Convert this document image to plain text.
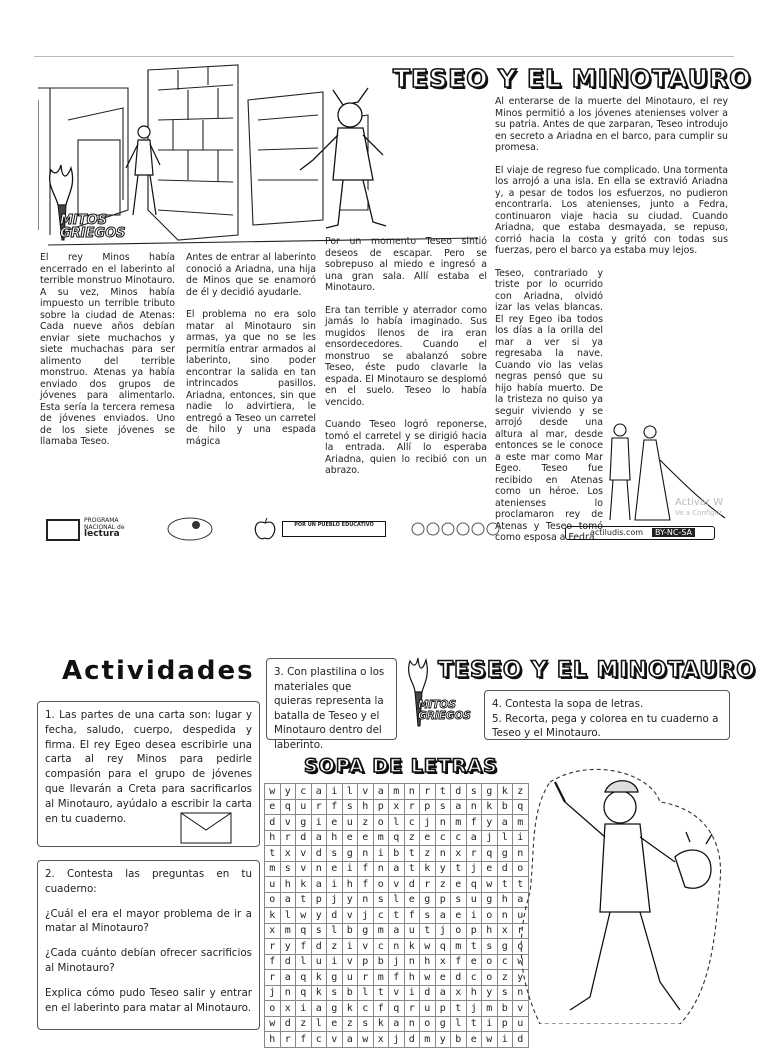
MITOS GRIEGOS
TESEO Y EL MINOTAURO

El rey Minos había encerrado en el laberinto al terrible monstruo Minotauro. A su vez, Minos había impuesto un terrible tributo sobre la ciudad de Atenas: Cada nueve años debían enviar siete muchachos y siete muchachas para ser alimento del terrible monstruo. Atenas ya había enviado dos grupos de jóvenes para alimentarlo. Esta sería la tercera remesa de jóvenes enviados. Uno de los siete jóvenes se llamaba Teseo.

Antes de entrar al laberinto conoció a Ariadna, una hija de Minos que se enamoró de él y decidió ayudarle.

El problema no era solo matar al Minotauro sin armas, ya que no se les permitía entrar armados al laberinto, sino poder encontrar la salida en tan intrincados pasillos. Ariadna, entonces, sin que nadie lo advirtiera, le entregó a Teseo un carretel de hilo y una espada mágica

Por un momento Teseo sintió deseos de escapar. Pero se sobrepuso al miedo e ingresó a una gran sala. Allí estaba el Minotauro.

Era tan terrible y aterrador como jamás lo había imaginado. Sus mugidos llenos de ira eran ensordecedores. Cuando el monstruo se abalanzó sobre Teseo, éste pudo clavarle la espada. El Minotauro se desplomó en el suelo. Teseo lo había vencido.

Cuando Teseo logró reponerse, tomó el carretel y se dirigió hacia la entrada. Allí lo esperaba Ariadna, quien lo recibió con un abrazo.

Al enterarse de la muerte del Minotauro, el rey Minos permitió a los jóvenes atenienses volver a su patria. Antes de que zarparan, Teseo introdujo en secreto a Ariadna en el barco, para cumplir su promesa.

El viaje de regreso fue complicado. Una tormenta los arrojó a una isla. En ella se extravió Ariadna y, a pesar de todos los esfuerzos, no pudieron encontrarla. Los atenienses, junto a Fedra, continuaron viaje hacia su ciudad. Cuando Ariadna, que estaba desmayada, se repuso, corrió hacia la costa y gritó con todas sus fuerzas, pero el barco ya estaba muy lejos.

Teseo, contrariado y triste por lo ocurrido con Ariadna, olvidó izar las velas blancas. El rey Egeo iba todos los días a la orilla del mar a ver si ya regresaba la nave. Cuando vio las velas negras pensó que su hijo había muerto. De la tristeza no quiso ya seguir viviendo y se arrojó desde una altura al mar, desde entonces se le conoce a este mar como Mar Egeo. Teseo fue recibido en Atenas como un héroe. Los atenienses lo proclamaron rey de Atenas y Teseo tomó como esposa a Fedra.

Activar W
Ve a Configur
PROGRAMA
NACIONAL de
lectura
POR UN PUEBLO EDUCATIVO
actiludis.com	BY-NC-SA
Actividades

1. Las partes de una carta son: lugar y fecha, saludo, cuerpo, despedida y firma. El rey Egeo desea escribirle una carta al rey Minos para pedirle compasión para el grupo de jóvenes que llevarán a Creta para sacrificarlos al Minotauro, ayúdalo a escribir la carta en tu cuaderno.

2. Contesta las preguntas en tu cuaderno:

¿Cuál el era el mayor problema de ir a matar al Minotauro?

¿Cada cuánto debían ofrecer sacrificios al Minotauro?

Explica cómo pudo Teseo salir y entrar en el laberinto para matar al Minotauro.

3. Con plastilina o los materiales que quieras representa la batalla de Teseo y el Minotauro dentro del laberinto.

MITOS GRIEGOS
TESEO Y EL MINOTAURO

4. Contesta la sopa de letras.

5. Recorta, pega y colorea en tu cuaderno a Teseo y el Minotauro.

SOPA DE LETRAS
w	y	c	a	i	l	v	a	m	n	r	t	d	s	g	k	z
e	q	u	r	f	s	h	p	x	r	p	s	a	n	k	b	q
d	v	g	i	e	u	z	o	l	c	j	n	m	f	y	a	m
h	r	d	a	h	e	e	m	q	z	e	c	c	a	j	l	i
t	x	v	d	s	g	n	i	b	t	z	n	x	r	q	g	n
m	s	v	n	e	i	f	n	a	t	k	y	t	j	e	d	o
u	h	k	a	i	h	f	o	v	d	r	z	e	q	w	t	t
o	a	t	p	j	y	n	s	l	e	g	p	s	u	g	h	a
k	l	w	y	d	v	j	c	t	f	s	a	e	i	o	n	u
x	m	q	s	l	b	g	m	a	u	t	j	o	p	h	x	r
r	y	f	d	z	i	v	c	n	k	w	q	m	t	s	g	o
f	d	l	u	i	v	p	b	j	n	h	x	f	e	o	c	w
r	a	q	k	g	u	r	m	f	h	w	e	d	c	o	z	y
j	n	q	k	s	b	l	t	v	i	d	a	x	h	y	s	n
o	x	i	a	g	k	c	f	q	r	u	p	t	j	m	b	v
w	d	z	l	e	z	s	k	a	n	o	g	l	t	i	p	u
h	r	f	c	v	a	w	x	j	d	m	y	b	e	w	i	d
